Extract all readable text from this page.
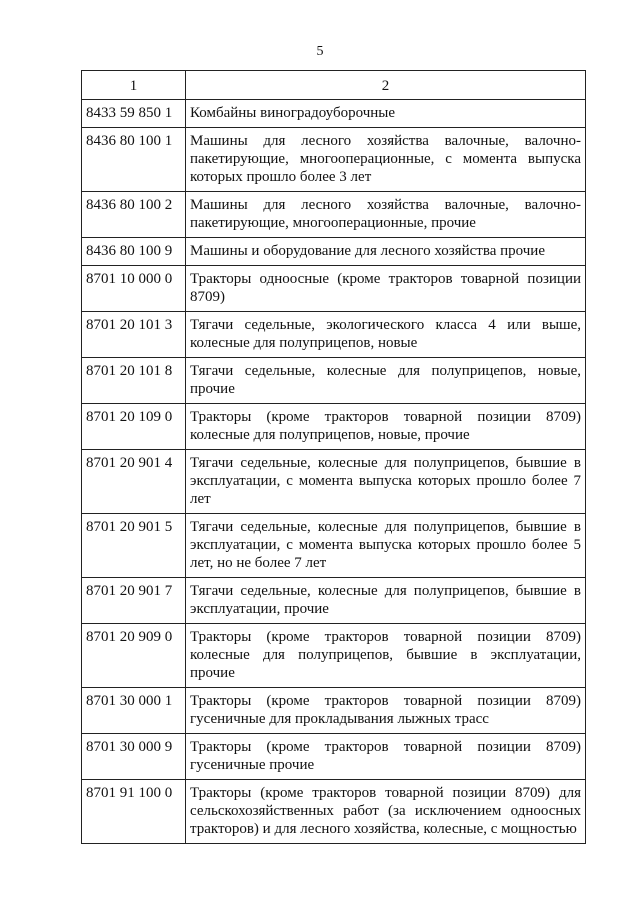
5
1	2
8433 59 850 1	Комбайны виноградоуборочные
8436 80 100 1	Машины для лесного хозяйства валочные, валочно-пакетирующие, многооперационные, с момента выпуска которых прошло более 3 лет
8436 80 100 2	Машины для лесного хозяйства валочные, валочно-пакетирующие, многооперационные, прочие
8436 80 100 9	Машины и оборудование для лесного хозяйства прочие
8701 10 000 0	Тракторы одноосные (кроме тракторов товарной позиции 8709)
8701 20 101 3	Тягачи седельные, экологического класса 4 или выше, колесные для полуприцепов, новые
8701 20 101 8	Тягачи седельные, колесные для полуприцепов, новые, прочие
8701 20 109 0	Тракторы (кроме тракторов товарной позиции 8709) колесные для полуприцепов, новые, прочие
8701 20 901 4	Тягачи седельные, колесные для полуприцепов, бывшие в эксплуатации, с момента выпуска которых прошло более 7 лет
8701 20 901 5	Тягачи седельные, колесные для полуприцепов, бывшие в эксплуатации, с момента выпуска которых прошло более 5 лет, но не более 7 лет
8701 20 901 7	Тягачи седельные, колесные для полуприцепов, бывшие в эксплуатации, прочие
8701 20 909 0	Тракторы (кроме тракторов товарной позиции 8709) колесные для полуприцепов, бывшие в эксплуатации, прочие
8701 30 000 1	Тракторы (кроме тракторов товарной позиции 8709) гусеничные для прокладывания лыжных трасс
8701 30 000 9	Тракторы (кроме тракторов товарной позиции 8709) гусеничные прочие
8701 91 100 0	Тракторы (кроме тракторов товарной позиции 8709) для сельскохозяйственных работ (за исключением одноосных тракторов) и для лесного хозяйства, колесные, с мощностью
